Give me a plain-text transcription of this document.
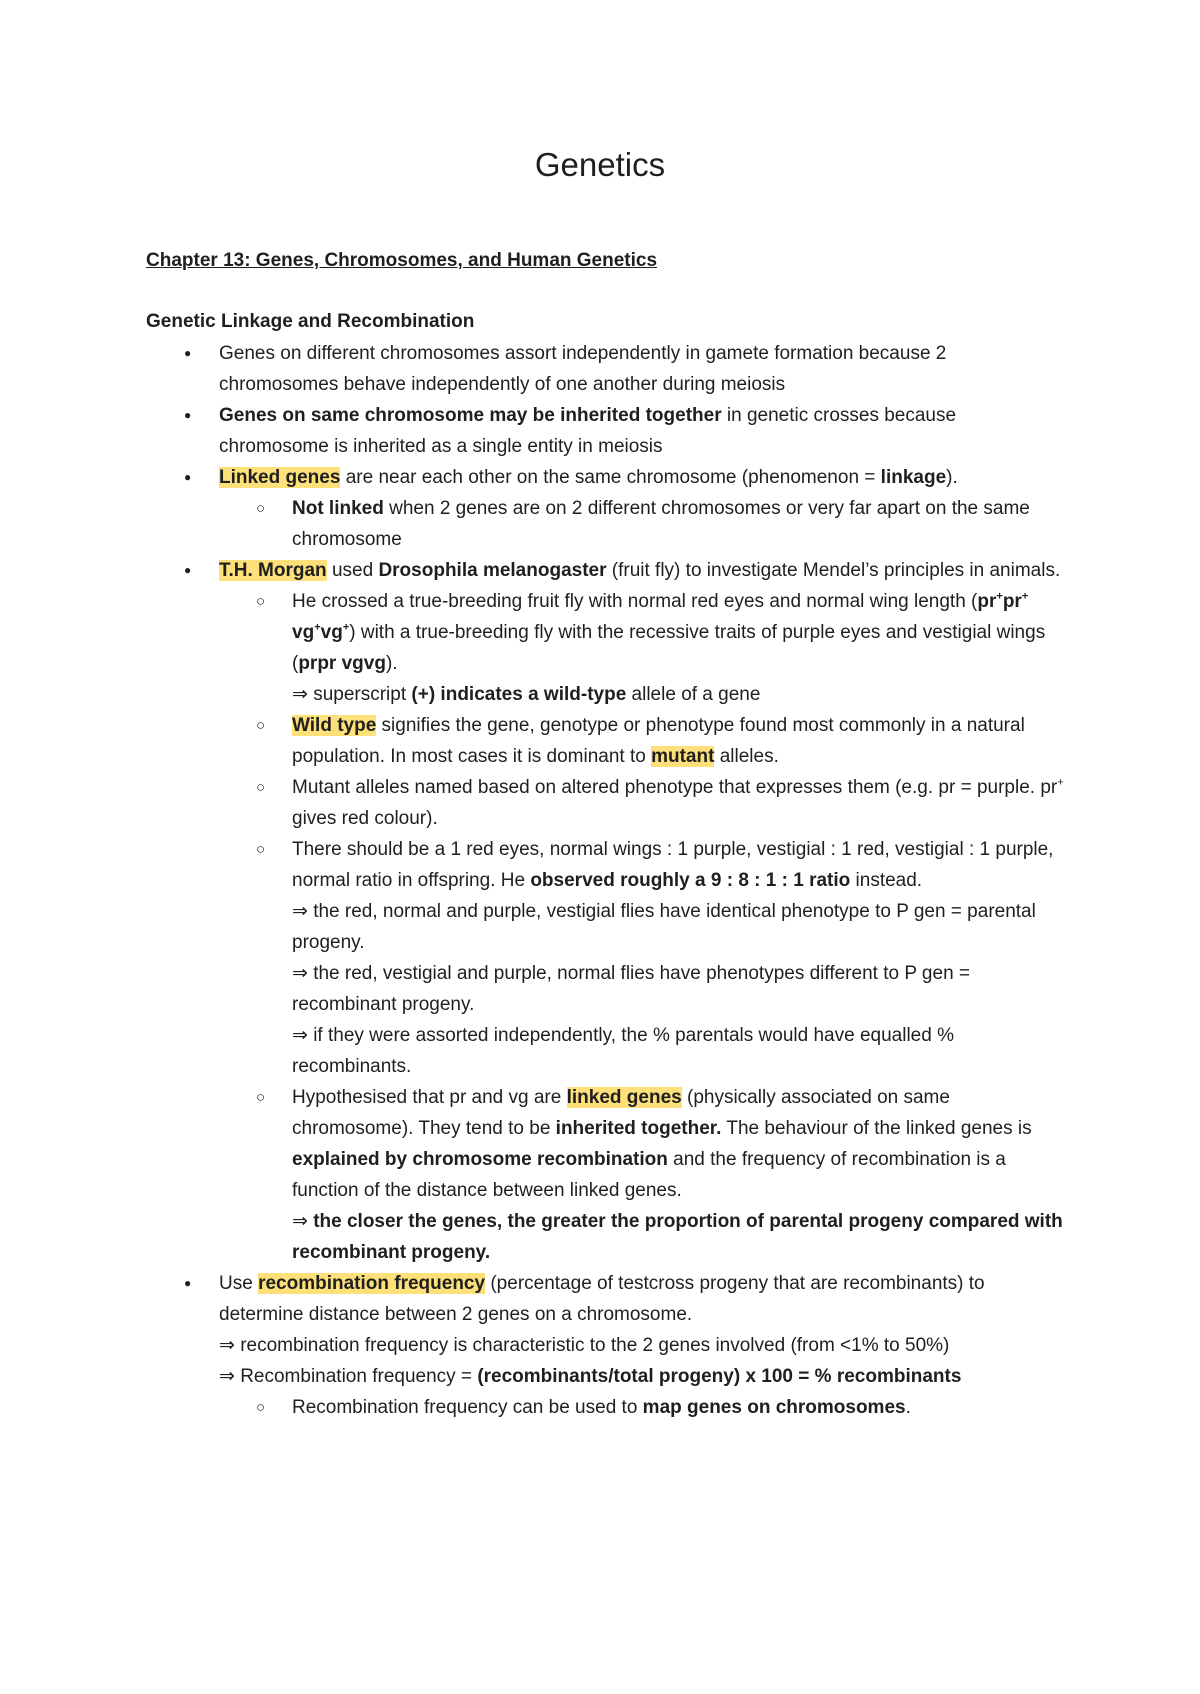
Genetics
Chapter 13: Genes, Chromosomes, and Human Genetics
Genetic Linkage and Recombination
● Genes on different chromosomes assort independently in gamete formation because 2 chromosomes behave independently of one another during meiosis
● Genes on same chromosome may be inherited together in genetic crosses because chromosome is inherited as a single entity in meiosis
● Linked genes are near each other on the same chromosome (phenomenon = linkage).
○ Not linked when 2 genes are on 2 different chromosomes or very far apart on the same chromosome
● T.H. Morgan used Drosophila melanogaster (fruit fly) to investigate Mendel’s principles in animals.
○ He crossed a true-breeding fruit fly with normal red eyes and normal wing length (pr+pr+ vg+vg+) with a true-breeding fly with the recessive traits of purple eyes and vestigial wings (prpr vgvg).
⇒ superscript (+) indicates a wild-type allele of a gene
○ Wild type signifies the gene, genotype or phenotype found most commonly in a natural population. In most cases it is dominant to mutant alleles.
○ Mutant alleles named based on altered phenotype that expresses them (e.g. pr = purple. pr+ gives red colour).
○ There should be a 1 red eyes, normal wings : 1 purple, vestigial : 1 red, vestigial : 1 purple, normal ratio in offspring. He observed roughly a 9 : 8 : 1 : 1 ratio instead.
⇒ the red, normal and purple, vestigial flies have identical phenotype to P gen = parental progeny.
⇒ the red, vestigial and purple, normal flies have phenotypes different to P gen = recombinant progeny.
⇒ if they were assorted independently, the % parentals would have equalled % recombinants.
○ Hypothesised that pr and vg are linked genes (physically associated on same chromosome). They tend to be inherited together. The behaviour of the linked genes is explained by chromosome recombination and the frequency of recombination is a function of the distance between linked genes.
⇒ the closer the genes, the greater the proportion of parental progeny compared with recombinant progeny.
● Use recombination frequency (percentage of testcross progeny that are recombinants) to determine distance between 2 genes on a chromosome.
⇒ recombination frequency is characteristic to the 2 genes involved (from <1% to 50%)
⇒ Recombination frequency = (recombinants/total progeny) x 100 = % recombinants
○ Recombination frequency can be used to map genes on chromosomes.
